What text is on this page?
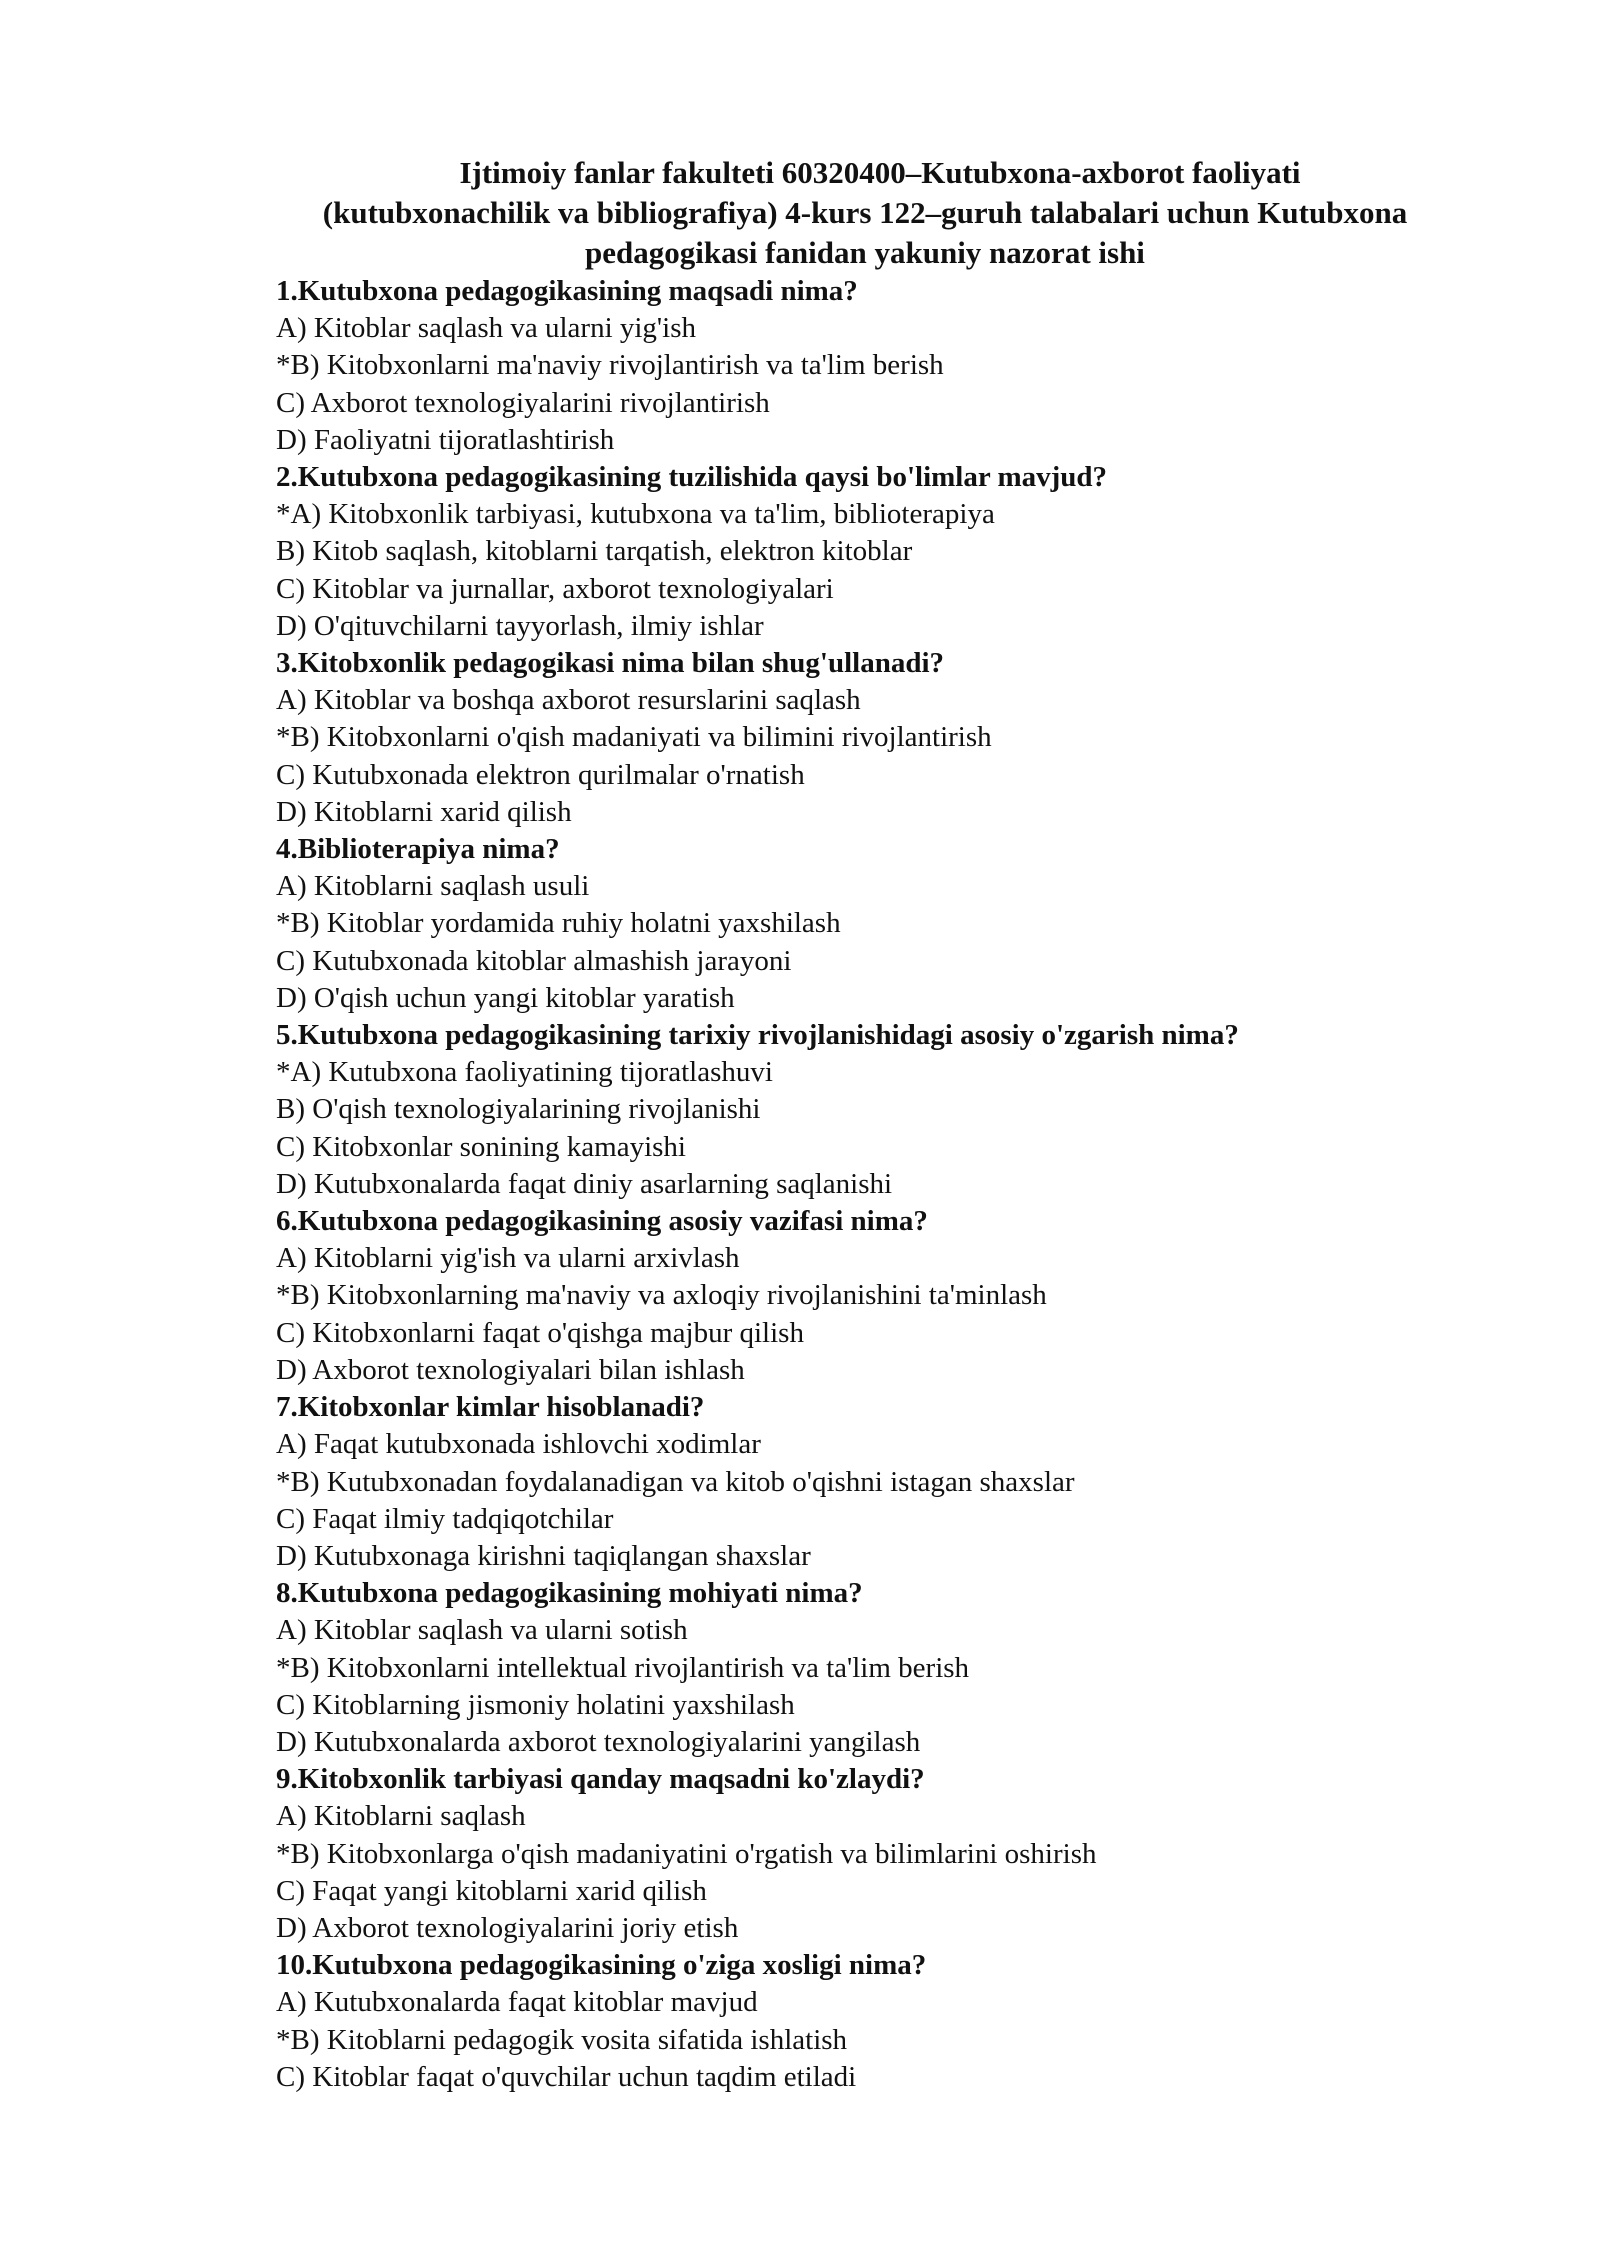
Ijtimoiy fanlar fakulteti 60320400–Kutubxona-axborot faoliyati
(kutubxonachilik va bibliografiya) 4-kurs 122–guruh talabalari uchun Kutubxona
pedagogikasi fanidan yakuniy nazorat ishi
1.Kutubxona pedagogikasining maqsadi nima?
A) Kitoblar saqlash va ularni yig'ish
*B) Kitobxonlarni ma'naviy rivojlantirish va ta'lim berish
C) Axborot texnologiyalarini rivojlantirish
D) Faoliyatni tijoratlashtirish
2.Kutubxona pedagogikasining tuzilishida qaysi bo'limlar mavjud?
*A) Kitobxonlik tarbiyasi, kutubxona va ta'lim, biblioterapiya
B) Kitob saqlash, kitoblarni tarqatish, elektron kitoblar
C) Kitoblar va jurnallar, axborot texnologiyalari
D) O'qituvchilarni tayyorlash, ilmiy ishlar
3.Kitobxonlik pedagogikasi nima bilan shug'ullanadi?
A) Kitoblar va boshqa axborot resurslarini saqlash
*B) Kitobxonlarni o'qish madaniyati va bilimini rivojlantirish
C) Kutubxonada elektron qurilmalar o'rnatish
D) Kitoblarni xarid qilish
4.Biblioterapiya nima?
A) Kitoblarni saqlash usuli
*B) Kitoblar yordamida ruhiy holatni yaxshilash
C) Kutubxonada kitoblar almashish jarayoni
D) O'qish uchun yangi kitoblar yaratish
5.Kutubxona pedagogikasining tarixiy rivojlanishidagi asosiy o'zgarish nima?
*A) Kutubxona faoliyatining tijoratlashuvi
B) O'qish texnologiyalarining rivojlanishi
C) Kitobxonlar sonining kamayishi
D) Kutubxonalarda faqat diniy asarlarning saqlanishi
6.Kutubxona pedagogikasining asosiy vazifasi nima?
A) Kitoblarni yig'ish va ularni arxivlash
*B) Kitobxonlarning ma'naviy va axloqiy rivojlanishini ta'minlash
C) Kitobxonlarni faqat o'qishga majbur qilish
D) Axborot texnologiyalari bilan ishlash
7.Kitobxonlar kimlar hisoblanadi?
A) Faqat kutubxonada ishlovchi xodimlar
*B) Kutubxonadan foydalanadigan va kitob o'qishni istagan shaxslar
C) Faqat ilmiy tadqiqotchilar
D) Kutubxonaga kirishni taqiqlangan shaxslar
8.Kutubxona pedagogikasining mohiyati nima?
A) Kitoblar saqlash va ularni sotish
*B) Kitobxonlarni intellektual rivojlantirish va ta'lim berish
C) Kitoblarning jismoniy holatini yaxshilash
D) Kutubxonalarda axborot texnologiyalarini yangilash
9.Kitobxonlik tarbiyasi qanday maqsadni ko'zlaydi?
A) Kitoblarni saqlash
*B) Kitobxonlarga o'qish madaniyatini o'rgatish va bilimlarini oshirish
C) Faqat yangi kitoblarni xarid qilish
D) Axborot texnologiyalarini joriy etish
10.Kutubxona pedagogikasining o'ziga xosligi nima?
A) Kutubxonalarda faqat kitoblar mavjud
*B) Kitoblarni pedagogik vosita sifatida ishlatish
C) Kitoblar faqat o'quvchilar uchun taqdim etiladi
